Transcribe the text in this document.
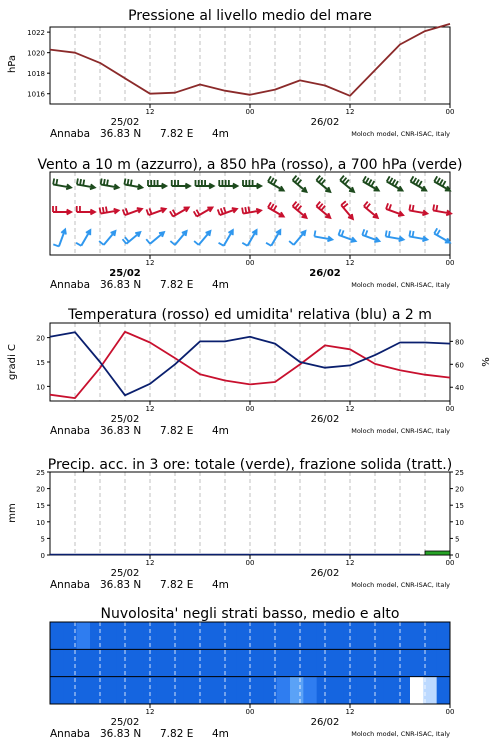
Pressione al livello medio del mare
hPa
1016
1018
1020
1022
12	00	12	00
25/02	26/02
Annaba 36.83 N 7.82 E 4m	Moloch model, CNR-ISAC, Italy
Vento a 10 m (azzurro), a 850 hPa (rosso), a 700 hPa (verde)
12	00	12	00
25/02	26/02
Annaba 36.83 N 7.82 E 4m	Moloch model, CNR-ISAC, Italy
Temperatura (rosso) ed umidita' relativa (blu) a 2 m
gradi C	%
10
15
20
40
60
80
12	00	12	00
25/02	26/02
Annaba 36.83 N 7.82 E 4m	Moloch model, CNR-ISAC, Italy
Precip. acc. in 3 ore: totale (verde), frazione solida (tratt.)
mm
0
5
10
15
20
25
0
5
10
15
20
25
12	00	12	00
25/02	26/02
Annaba 36.83 N 7.82 E 4m	Moloch model, CNR-ISAC, Italy
Nuvolosita' negli strati basso, medio e alto
12	00	12	00
25/02	26/02
Annaba 36.83 N 7.82 E 4m	Moloch model, CNR-ISAC, Italy
